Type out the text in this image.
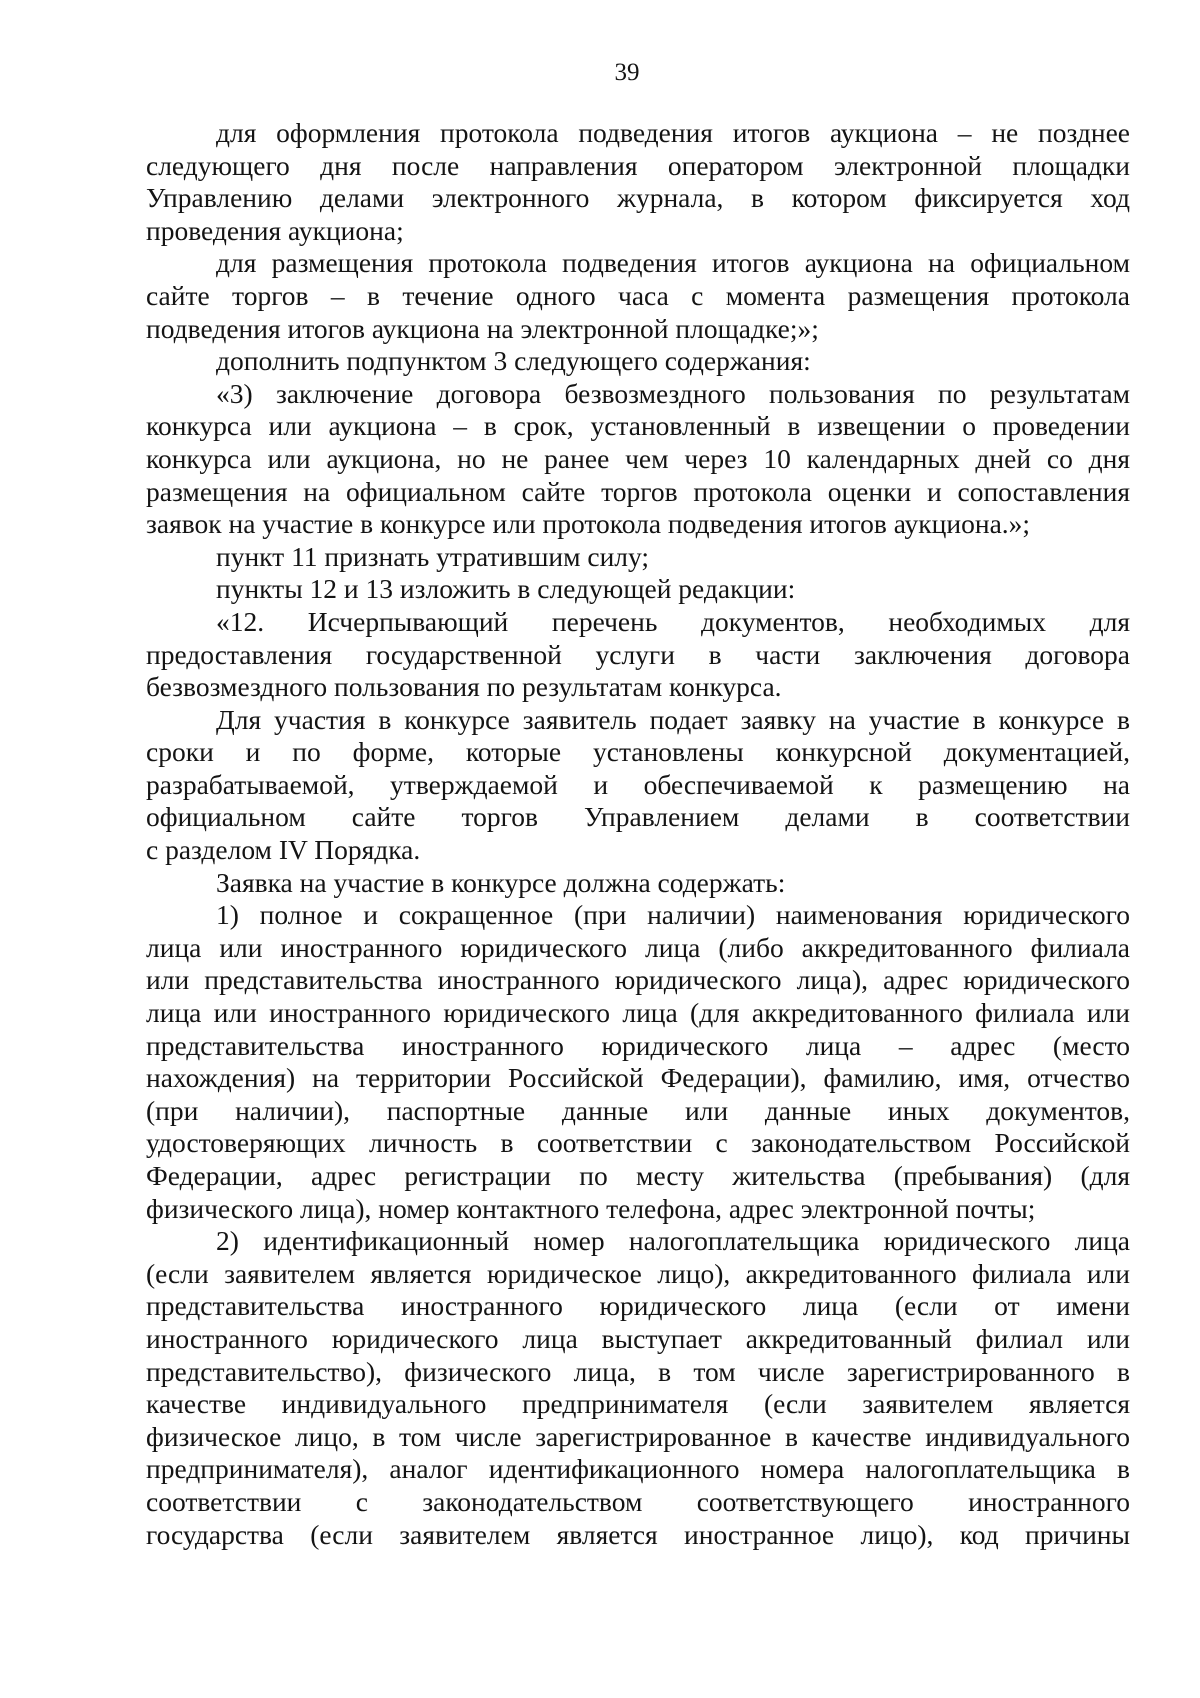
39
для оформления протокола подведения итогов аукциона – не позднее
следующего дня после направления оператором электронной площадки
Управлению делами электронного журнала, в котором фиксируется ход
проведения аукциона;
для размещения протокола подведения итогов аукциона на официальном
сайте торгов – в течение одного часа с момента размещения протокола
подведения итогов аукциона на электронной площадке;»;
дополнить подпунктом 3 следующего содержания:
«3) заключение договора безвозмездного пользования по результатам
конкурса или аукциона – в срок, установленный в извещении о проведении
конкурса или аукциона, но не ранее чем через 10 календарных дней со дня
размещения на официальном сайте торгов протокола оценки и сопоставления
заявок на участие в конкурсе или протокола подведения итогов аукциона.»;
пункт 11 признать утратившим силу;
пункты 12 и 13 изложить в следующей редакции:
«12. Исчерпывающий перечень документов, необходимых для
предоставления государственной услуги в части заключения договора
безвозмездного пользования по результатам конкурса.
Для участия в конкурсе заявитель подает заявку на участие в конкурсе в
сроки и по форме, которые установлены конкурсной документацией,
разрабатываемой, утверждаемой и обеспечиваемой к размещению на
официальном сайте торгов Управлением делами в соответствии
с разделом IV Порядка.
Заявка на участие в конкурсе должна содержать:
1) полное и сокращенное (при наличии) наименования юридического
лица или иностранного юридического лица (либо аккредитованного филиала
или представительства иностранного юридического лица), адрес юридического
лица или иностранного юридического лица (для аккредитованного филиала или
представительства иностранного юридического лица – адрес (место
нахождения) на территории Российской Федерации), фамилию, имя, отчество
(при наличии), паспортные данные или данные иных документов,
удостоверяющих личность в соответствии с законодательством Российской
Федерации, адрес регистрации по месту жительства (пребывания) (для
физического лица), номер контактного телефона, адрес электронной почты;
2) идентификационный номер налогоплательщика юридического лица
(если заявителем является юридическое лицо), аккредитованного филиала или
представительства иностранного юридического лица (если от имени
иностранного юридического лица выступает аккредитованный филиал или
представительство), физического лица, в том числе зарегистрированного в
качестве индивидуального предпринимателя (если заявителем является
физическое лицо, в том числе зарегистрированное в качестве индивидуального
предпринимателя), аналог идентификационного номера налогоплательщика в
соответствии с законодательством соответствующего иностранного
государства (если заявителем является иностранное лицо), код причины
